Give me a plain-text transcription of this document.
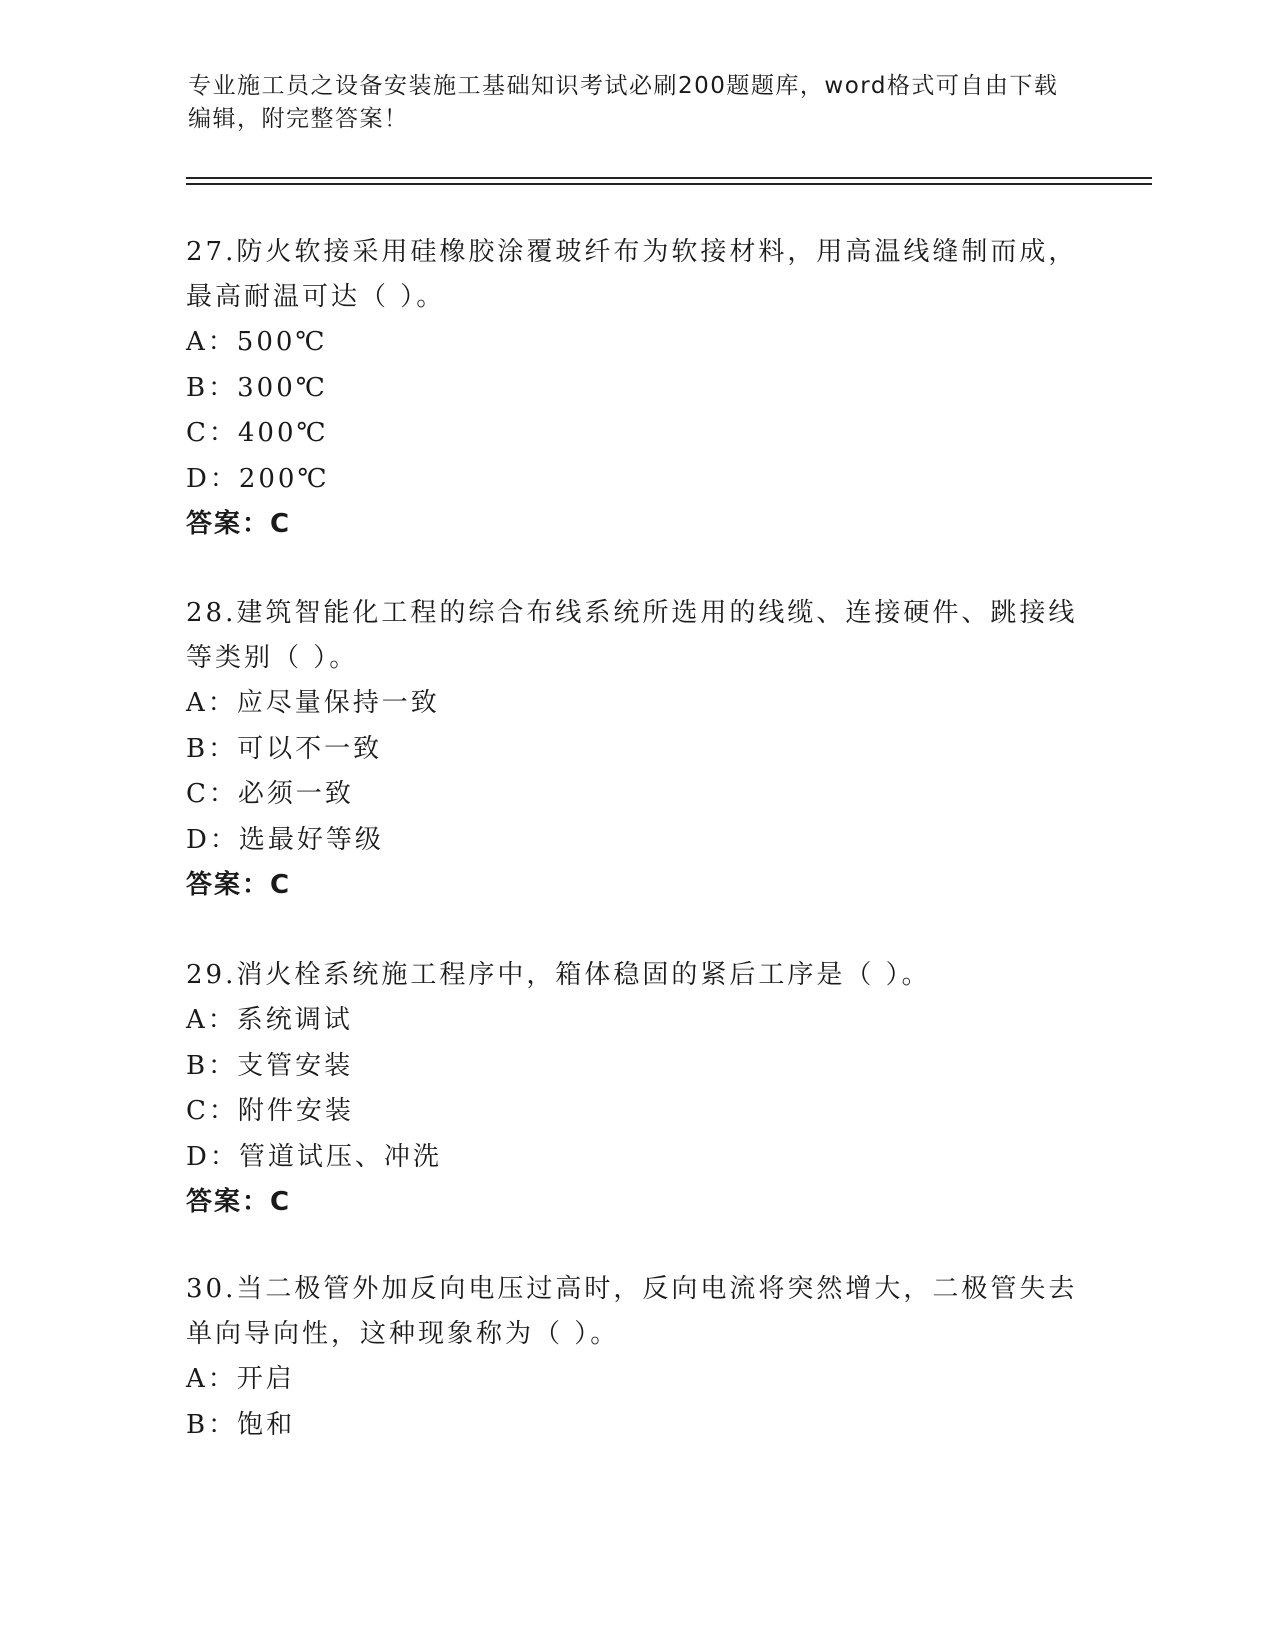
专业施工员之设备安装施工基础知识考试必刷200题题库，word格式可自由下载编辑，附完整答案！

27.防火软接采用硅橡胶涂覆玻纤布为软接材料，用高温线缝制而成，最高耐温可达（ ）。

A：500℃

B：300℃

C：400℃

D：200℃

答案：C

28.建筑智能化工程的综合布线系统所选用的线缆、连接硬件、跳接线等类别（ ）。

A：应尽量保持一致

B：可以不一致

C：必须一致

D：选最好等级

答案：C

29.消火栓系统施工程序中，箱体稳固的紧后工序是（ ）。

A：系统调试

B：支管安装

C：附件安装

D：管道试压、冲洗

答案：C

30.当二极管外加反向电压过高时，反向电流将突然增大，二极管失去单向导向性，这种现象称为（ ）。

A：开启

B：饱和
